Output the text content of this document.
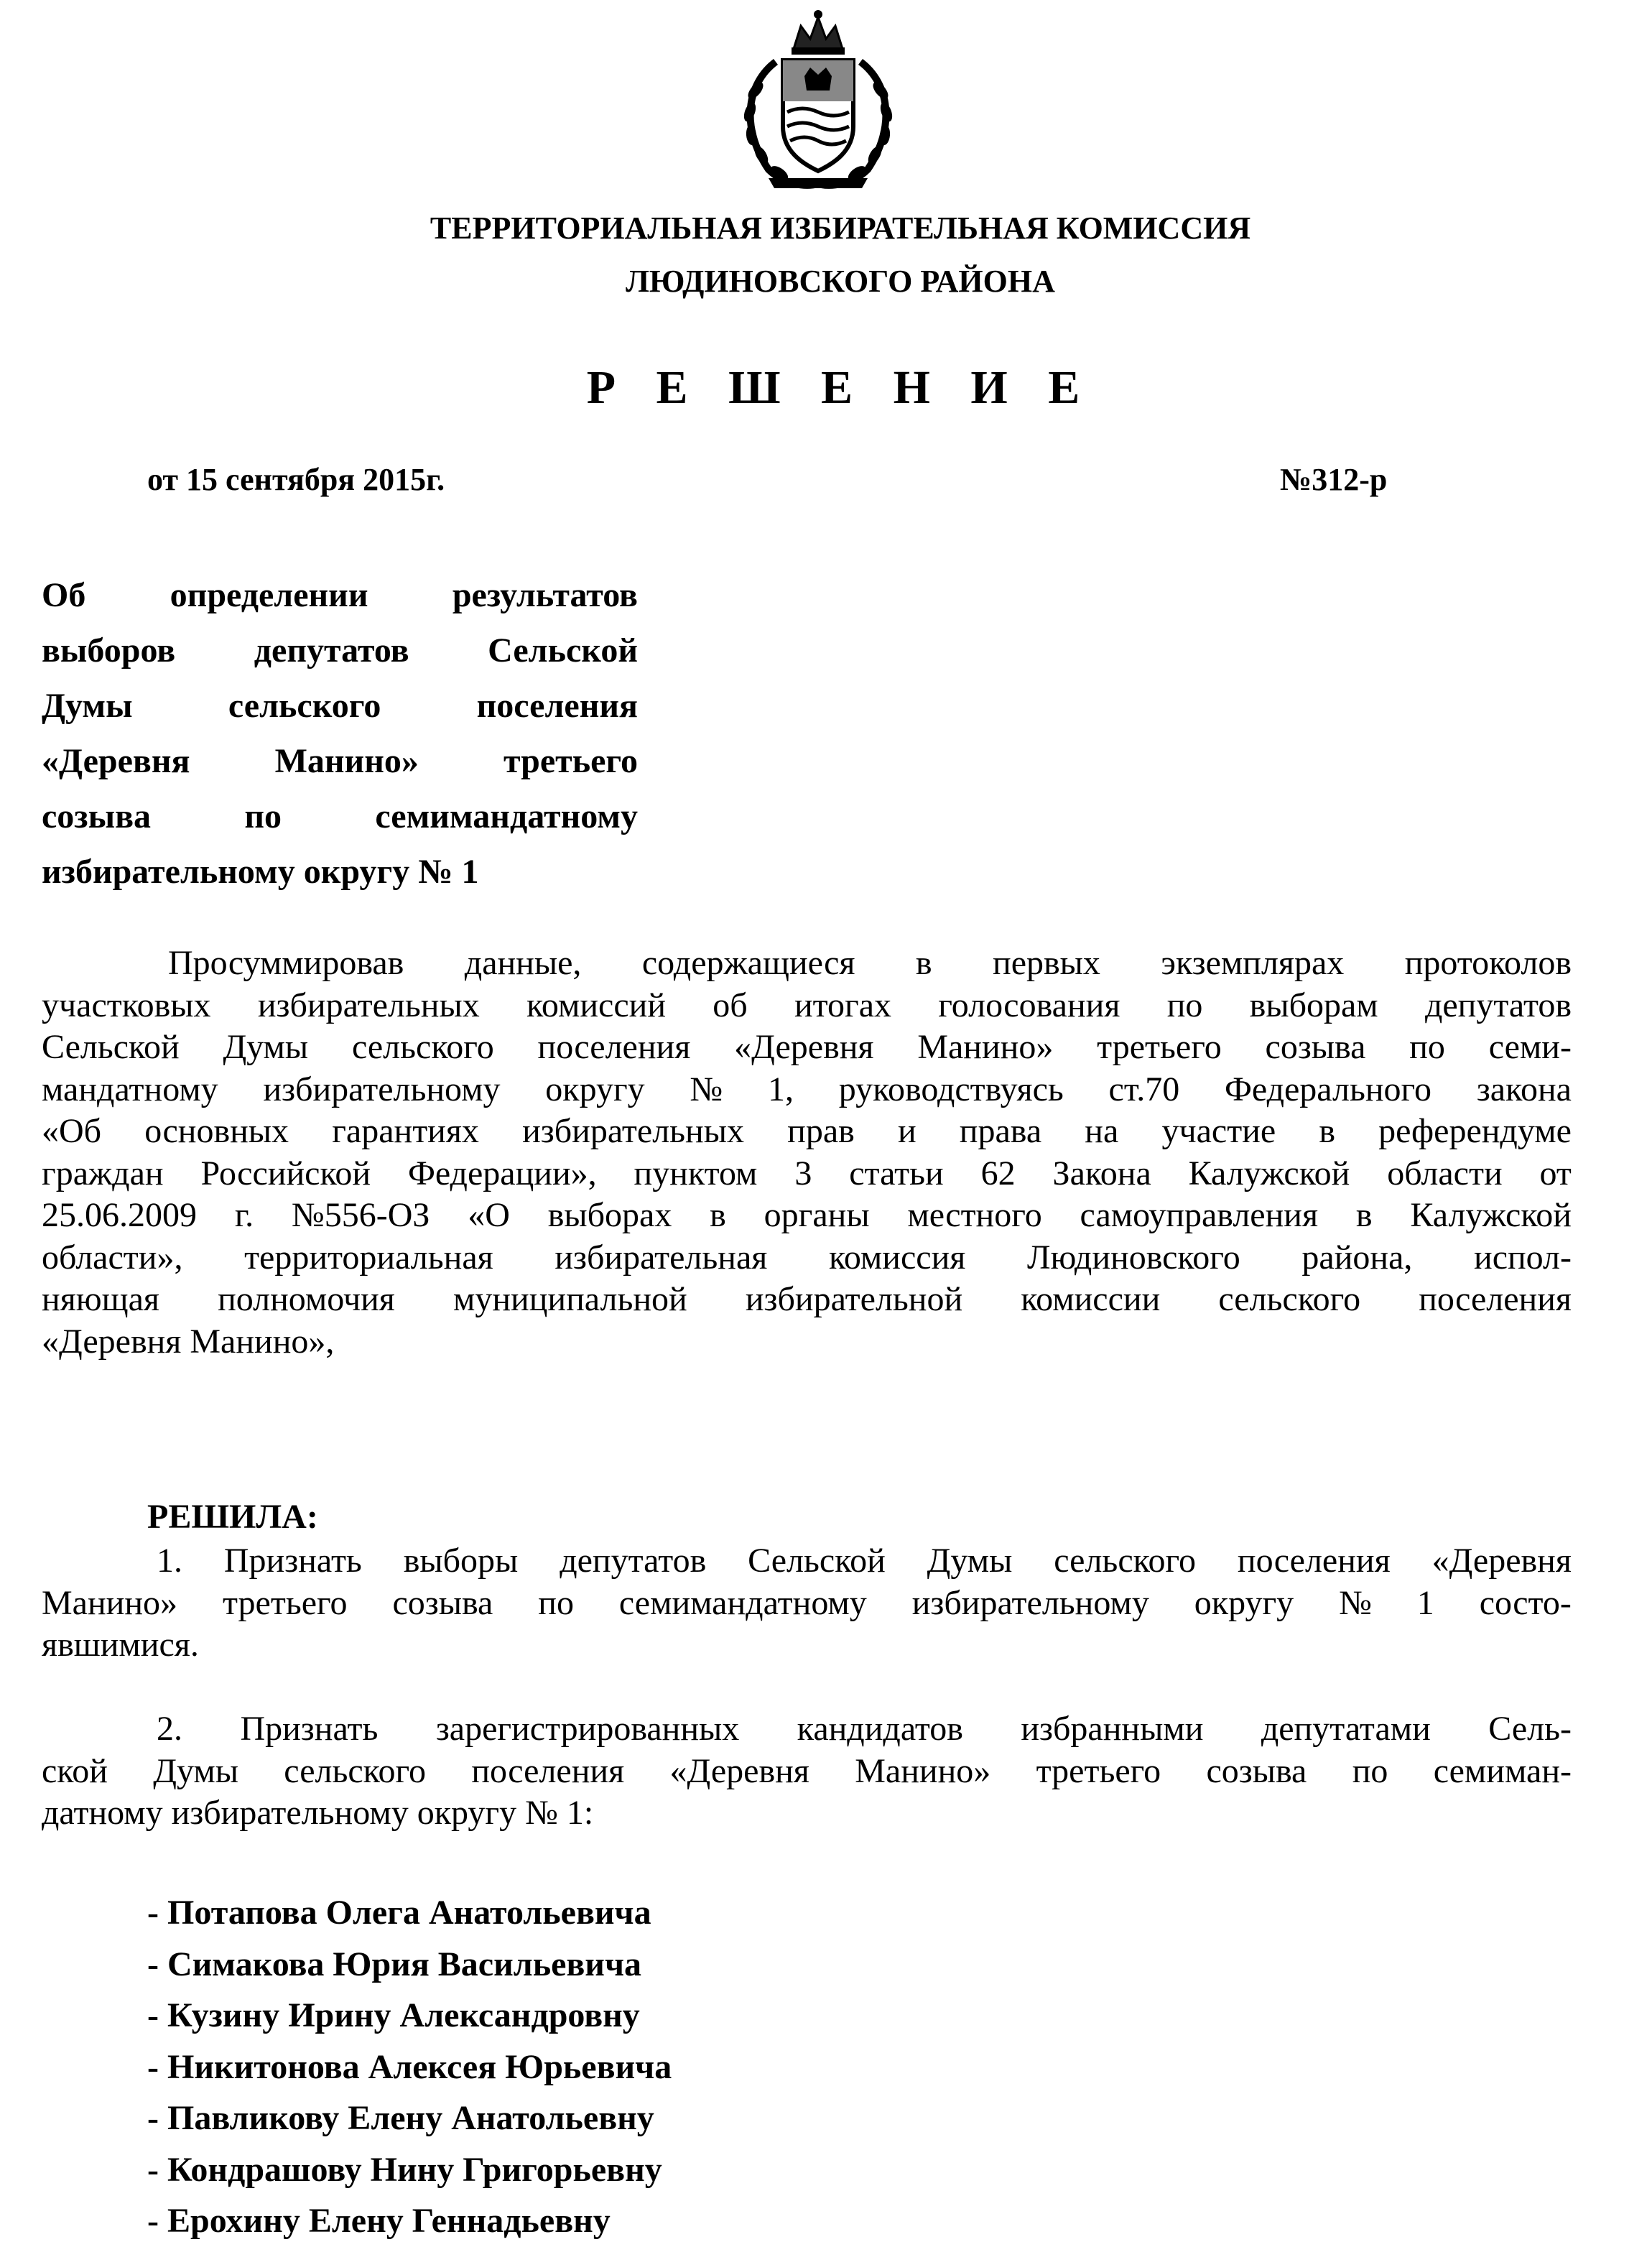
ТЕРРИТОРИАЛЬНАЯ ИЗБИРАТЕЛЬНАЯ КОМИССИЯ
ЛЮДИНОВСКОГО РАЙОНА
Р Е Ш Е Н И Е
от 15 сентября 2015г.	№312-р
Об определении результатов
выборов депутатов Сельской
Думы	сельского	поселения
«Деревня Манино» третьего
созыва	по	семимандатному
избирательному округу № 1
Просуммировав данные, содержащиеся в первых экземплярах протоколов
участковых избирательных комиссий об итогах голосования по выборам депутатов
Сельской Думы сельского поселения «Деревня Манино» третьего созыва по семи-
мандатному избирательному округу № 1, руководствуясь ст.70 Федерального закона
«Об основных гарантиях избирательных прав и права на участие в референдуме
граждан Российской Федерации», пунктом 3 статьи 62 Закона Калужской области от
25.06.2009 г. №556-ОЗ «О выборах в органы местного самоуправления в Калужской
области», территориальная избирательная комиссия Людиновского района, испол-
няющая полномочия муниципальной избирательной комиссии сельского поселения
«Деревня Манино»,
РЕШИЛА:
1. Признать выборы депутатов Сельской Думы сельского поселения «Деревня
Манино» третьего созыва по семимандатному избирательному округу № 1 состо-
явшимися.
2. Признать зарегистрированных кандидатов избранными депутатами Сель-
ской Думы сельского поселения «Деревня Манино» третьего созыва по семиман-
датному избирательному округу № 1:
- Потапова Олега Анатольевича
- Симакова Юрия Васильевича
- Кузину Ирину Александровну
- Никитонова Алексея Юрьевича
- Павликову Елену Анатольевну
- Кондрашову Нину Григорьевну
- Ерохину Елену Геннадьевну
